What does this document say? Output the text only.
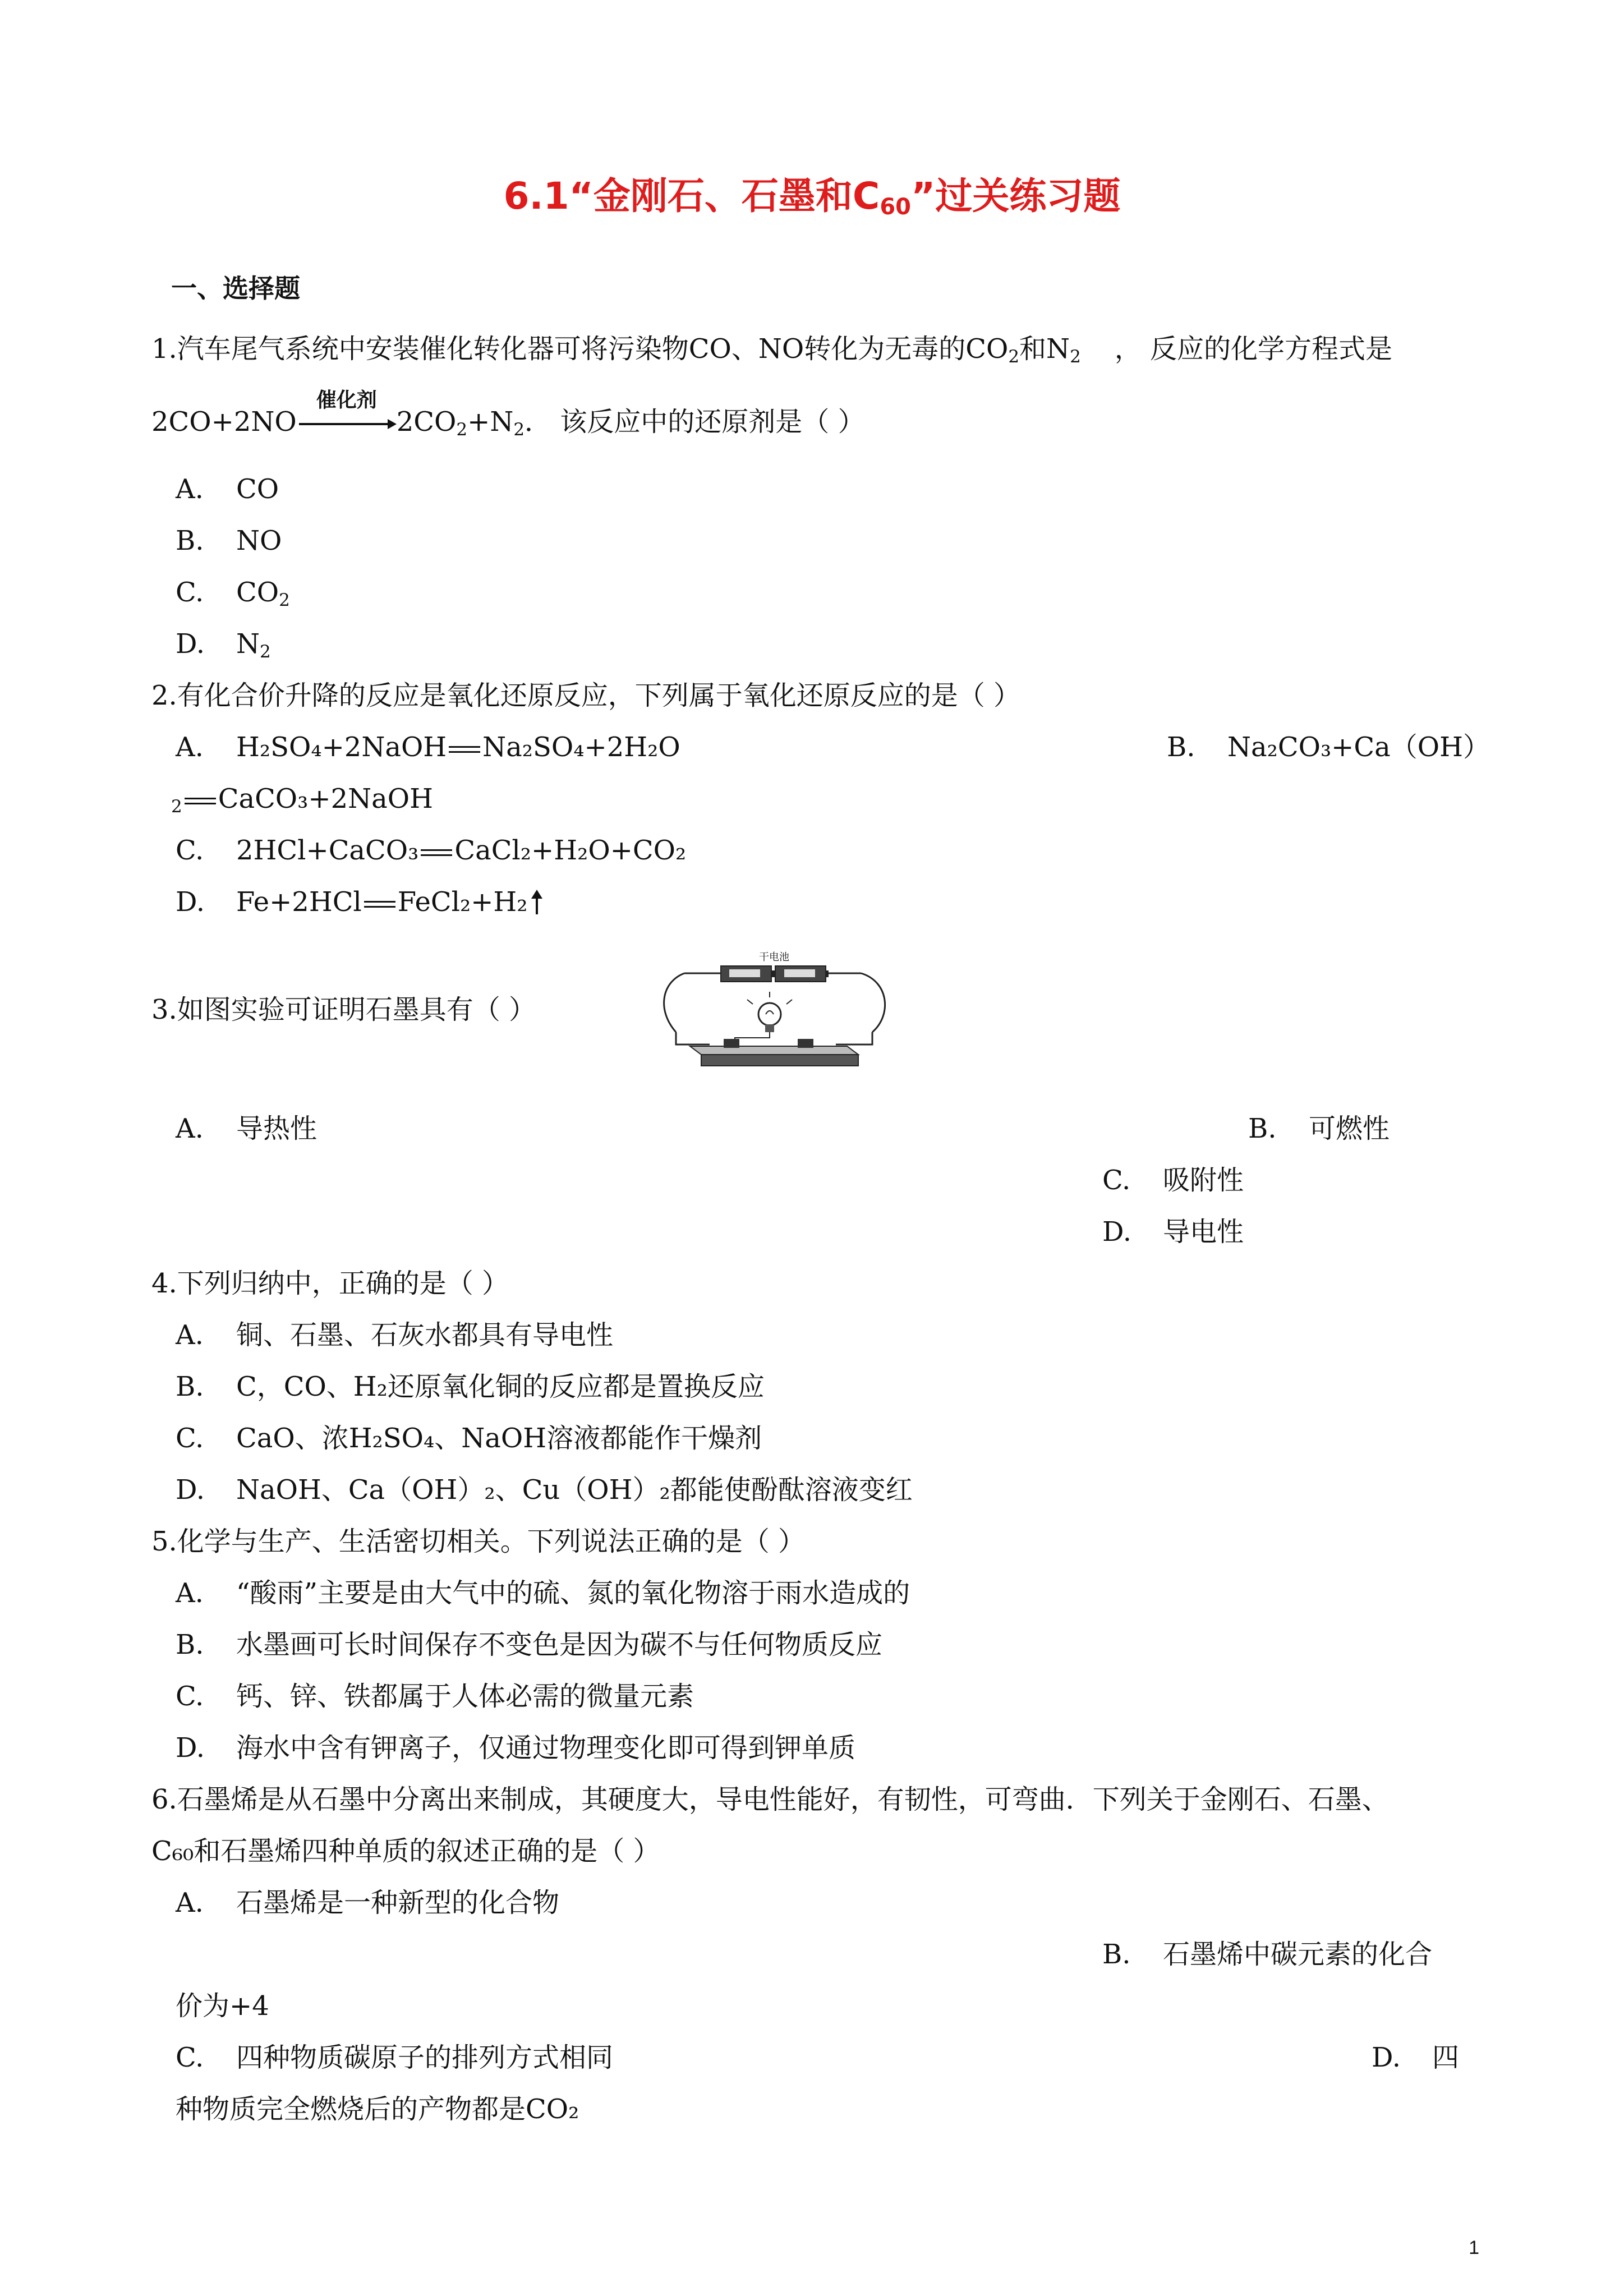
6.1“金刚石、石墨和$C_{60}$”过关练习题
一、选择题
1.汽车尾气系统中安装催化转化器可将污染物CO、NO转化为无毒的$CO_2$和$N_2$ ， 反应的化学方程式是
2CO+2NO
催化剂
$2CO_2+N_2$． 该反应中的还原剂是（ ）
A. CO
B. NO
C. $CO_2$
D. $N_2$
2.有化合价升降的反应是氧化还原反应，下列属于氧化还原反应的是（ ）
A. H₂SO₄+2NaOH Na₂SO₄+2H₂O	B. Na₂CO₃+Ca（OH）
$_2$ CaCO₃+2NaOH
C. 2HCl+CaCO₃ CaCl₂+H₂O+CO₂
D. Fe+2HCl FeCl₂+H₂
3.如图实验可证明石墨具有（ ）
干电池
A. 导热性	B. 可燃性
C. 吸附性
D. 导电性
4.下列归纳中，正确的是（ ）
A. 铜、石墨、石灰水都具有导电性
B. C，CO、H₂还原氧化铜的反应都是置换反应
C. CaO、浓H₂SO₄、NaOH溶液都能作干燥剂
D. NaOH、Ca（OH）₂、Cu（OH）₂都能使酚酞溶液变红
5.化学与生产、生活密切相关。下列说法正确的是（ ）
A. “酸雨”主要是由大气中的硫、氮的氧化物溶于雨水造成的
B. 水墨画可长时间保存不变色是因为碳不与任何物质反应
C. 钙、锌、铁都属于人体必需的微量元素
D. 海水中含有钾离子，仅通过物理变化即可得到钾单质
6.石墨烯是从石墨中分离出来制成，其硬度大，导电性能好，有韧性，可弯曲．下列关于金刚石、石墨、
C₆₀和石墨烯四种单质的叙述正确的是（ ）
A. 石墨烯是一种新型的化合物
B. 石墨烯中碳元素的化合
价为+4
C. 四种物质碳原子的排列方式相同	D. 四
种物质完全燃烧后的产物都是CO₂
1
